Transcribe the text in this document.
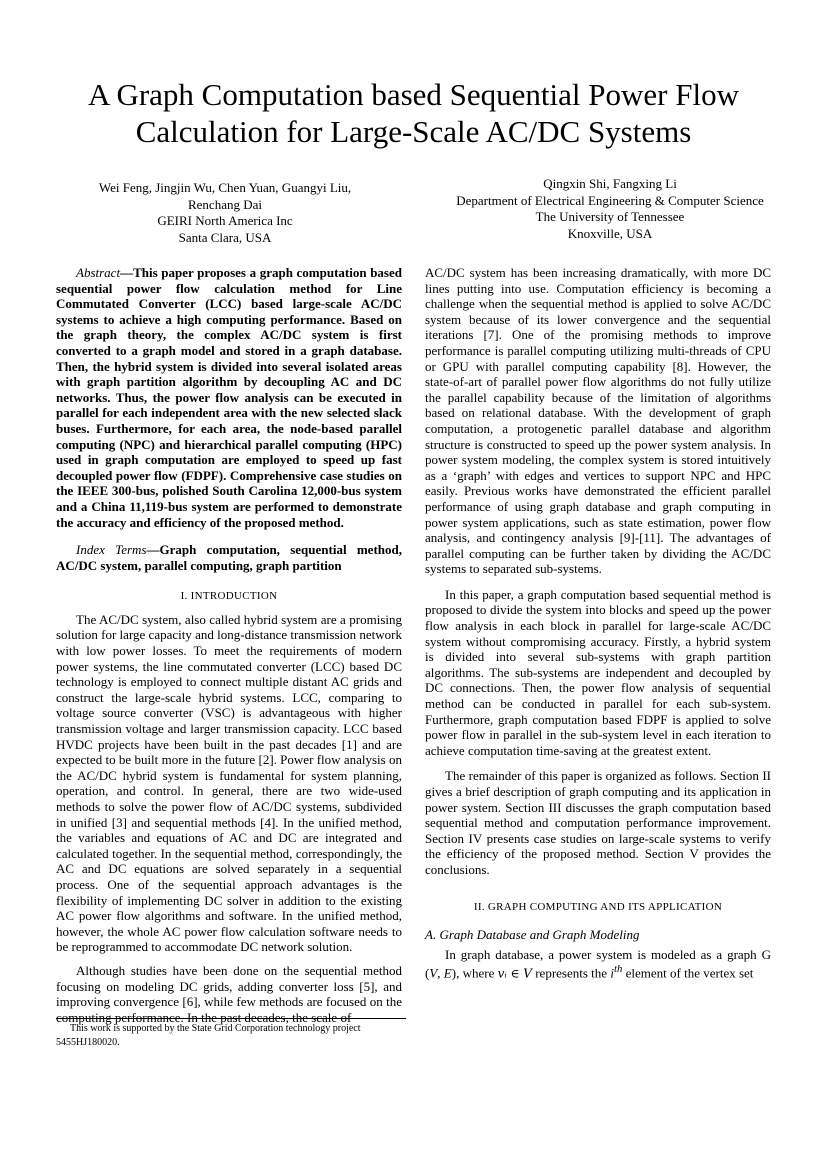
A Graph Computation based Sequential Power Flow
Calculation for Large-Scale AC/DC Systems
Wei Feng, Jingjin Wu, Chen Yuan, Guangyi Liu,
Renchang Dai
GEIRI North America Inc
Santa Clara, USA
Qingxin Shi, Fangxing Li
Department of Electrical Engineering & Computer Science
The University of Tennessee
Knoxville, USA

Abstract—This paper proposes a graph computation based sequential power flow calculation method for Line Commutated Converter (LCC) based large-scale AC/DC systems to achieve a high computing performance. Based on the graph theory, the complex AC/DC system is first converted to a graph model and stored in a graph database. Then, the hybrid system is divided into several isolated areas with graph partition algorithm by decoupling AC and DC networks. Thus, the power flow analysis can be executed in parallel for each independent area with the new selected slack buses. Furthermore, for each area, the node-based parallel computing (NPC) and hierarchical parallel computing (HPC) used in graph computation are employed to speed up fast decoupled power flow (FDPF). Comprehensive case studies on the IEEE 300-bus, polished South Carolina 12,000-bus system and a China 11,119-bus system are performed to demonstrate the accuracy and efficiency of the proposed method.

Index Terms—Graph computation, sequential method, AC/DC system, parallel computing, graph partition

I. INTRODUCTION

The AC/DC system, also called hybrid system are a promising solution for large capacity and long-distance transmission network with low power losses. To meet the requirements of modern power systems, the line commutated converter (LCC) based DC technology is employed to connect multiple distant AC grids and construct the large-scale hybrid systems. LCC, comparing to voltage source converter (VSC) is advantageous with higher transmission voltage and larger transmission capacity. LCC based HVDC projects have been built in the past decades [1] and are expected to be built more in the future [2]. Power flow analysis on the AC/DC hybrid system is fundamental for system planning, operation, and control. In general, there are two wide-used methods to solve the power flow of AC/DC systems, subdivided in unified [3] and sequential methods [4]. In the unified method, the variables and equations of AC and DC are integrated and calculated together. In the sequential method, correspondingly, the AC and DC equations are solved separately in a sequential process. One of the sequential approach advantages is the flexibility of implementing DC solver in addition to the existing AC power flow algorithms and software. In the unified method, however, the whole AC power flow calculation software needs to be reprogrammed to accommodate DC network solution.

Although studies have been done on the sequential method focusing on modeling DC grids, adding converter loss [5], and improving convergence [6], while few methods are focused on the computing performance. In the past decades, the scale of

AC/DC system has been increasing dramatically, with more DC lines putting into use. Computation efficiency is becoming a challenge when the sequential method is applied to solve AC/DC system because of its lower convergence and the sequential iterations [7]. One of the promising methods to improve performance is parallel computing utilizing multi-threads of CPU or GPU with parallel computing capability [8]. However, the state-of-art of parallel power flow algorithms do not fully utilize the parallel capability because of the limitation of algorithms based on relational database. With the development of graph computation, a protogenetic parallel database and algorithm structure is constructed to speed up the power system analysis. In power system modeling, the complex system is stored intuitively as a ‘graph’ with edges and vertices to support NPC and HPC easily. Previous works have demonstrated the efficient parallel performance of using graph database and graph computing in power system applications, such as state estimation, power flow analysis, and contingency analysis [9]-[11]. The advantages of parallel computing can be further taken by dividing the AC/DC systems to separated sub-systems.

In this paper, a graph computation based sequential method is proposed to divide the system into blocks and speed up the power flow analysis in each block in parallel for large-scale AC/DC system without compromising accuracy. Firstly, a hybrid system is divided into several sub-systems with graph partition algorithms. The sub-systems are independent and decoupled by DC connections. Then, the power flow analysis of sequential method can be conducted in parallel for each sub-system. Furthermore, graph computation based FDPF is applied to solve power flow in parallel in the sub-system level in each iteration to achieve computation time-saving at the greatest extent.

The remainder of this paper is organized as follows. Section II gives a brief description of graph computing and its application in power system. Section III discusses the graph computation based sequential method and computation performance improvement. Section IV presents case studies on large-scale systems to verify the efficiency of the proposed method. Section V provides the conclusions.

II. GRAPH COMPUTING AND ITS APPLICATION
A. Graph Database and Graph Modeling

In graph database, a power system is modeled as a graph G (V, E), where vᵢ ∈ V represents the $i^{th}$ element of the vertex set

This work is supported by the State Grid Corporation technology project
5455HJ180020.
